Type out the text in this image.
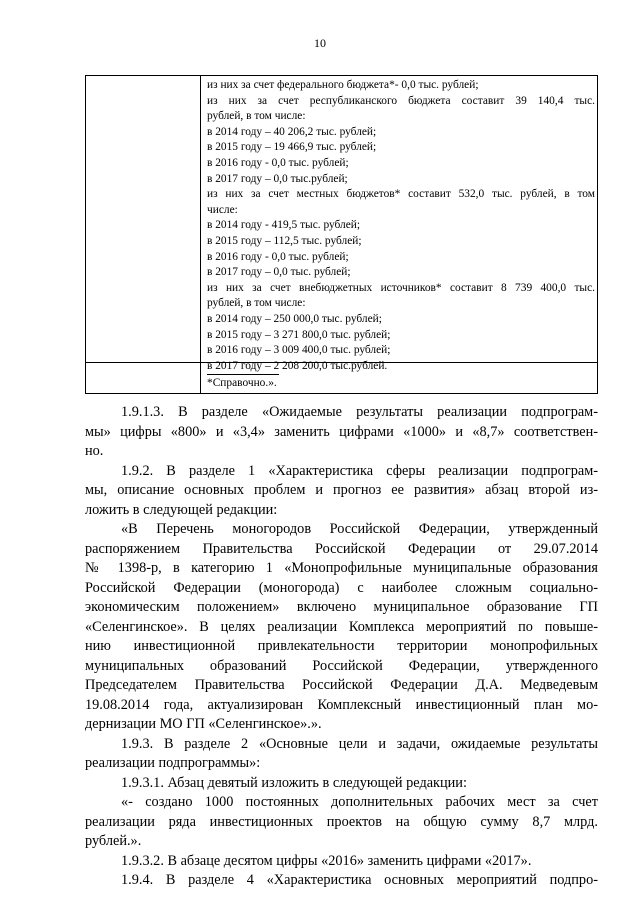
10
из них за счет федерального бюджета*- 0,0 тыс. рублей;
из них за счет республиканского бюджета составит 39 140,4 тыс.
рублей, в том числе:
в 2014 году – 40 206,2 тыс. рублей;
в 2015 году – 19 466,9 тыс. рублей;
в 2016 году - 0,0 тыс. рублей;
в 2017 году – 0,0 тыс.рублей;
из них за счет местных бюджетов* составит 532,0 тыс. рублей, в том
числе:
в 2014 году - 419,5 тыс. рублей;
в 2015 году – 112,5 тыс. рублей;
в 2016 году - 0,0 тыс. рублей;
в 2017 году – 0,0 тыс. рублей;
из них за счет внебюджетных источников* составит 8 739 400,0 тыс.
рублей, в том числе:
в 2014 году – 250 000,0 тыс. рублей;
в 2015 году – 3 271 800,0 тыс. рублей;
в 2016 году – 3 009 400,0 тыс. рублей;
в 2017 году – 2 208 200,0 тыс.рублей.
*Справочно.».
1.9.1.3. В разделе «Ожидаемые результаты реализации подпрограм-
мы» цифры «800» и «3,4» заменить цифрами «1000» и «8,7» соответствен-
но.
1.9.2. В разделе 1 «Характеристика сферы реализации подпрограм-
мы, описание основных проблем и прогноз ее развития» абзац второй из-
ложить в следующей редакции:
«В Перечень моногородов Российской Федерации, утвержденный
распоряжением Правительства Российской Федерации от 29.07.2014
№ 1398-р, в категорию 1 «Монопрофильные муниципальные образования
Российской Федерации (моногорода) с наиболее сложным социально-
экономическим положением» включено муниципальное образование ГП
«Селенгинское». В целях реализации Комплекса мероприятий по повыше-
нию инвестиционной привлекательности территории монопрофильных
муниципальных образований Российской Федерации, утвержденного
Председателем Правительства Российской Федерации Д.А. Медведевым
19.08.2014 года, актуализирован Комплексный инвестиционный план мо-
дернизации МО ГП «Селенгинское».».
1.9.3. В разделе 2 «Основные цели и задачи, ожидаемые результаты
реализации подпрограммы»:
1.9.3.1. Абзац девятый изложить в следующей редакции:
«- создано 1000 постоянных дополнительных рабочих мест за счет
реализации ряда инвестиционных проектов на общую сумму 8,7 млрд.
рублей.».
1.9.3.2. В абзаце десятом цифры «2016» заменить цифрами «2017».
1.9.4. В разделе 4 «Характеристика основных мероприятий подпро-
